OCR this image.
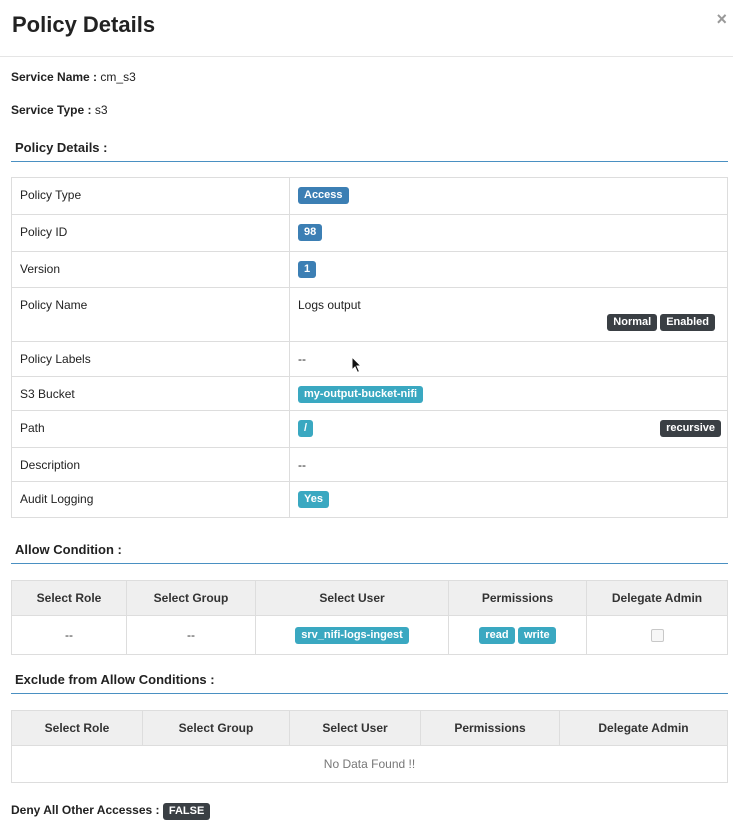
Policy Details	×
Service Name : cm_s3
Service Type : s3
Policy Details :
Policy Type	Access
Policy ID	98
Version	1
Policy Name	Logs output
Normal Enabled

Policy Labels	--
S3 Bucket	my-output-bucket-nifi
Path	/ recursive

Description	--
Audit Logging	Yes
Allow Condition :
Select Role	Select Group	Select User	Permissions	Delegate Admin
--	--	srv_nifi-logs-ingest	read write	
Exclude from Allow Conditions :
Select Role	Select Group	Select User	Permissions	Delegate Admin
No Data Found !!
Deny All Other Accesses : FALSE
